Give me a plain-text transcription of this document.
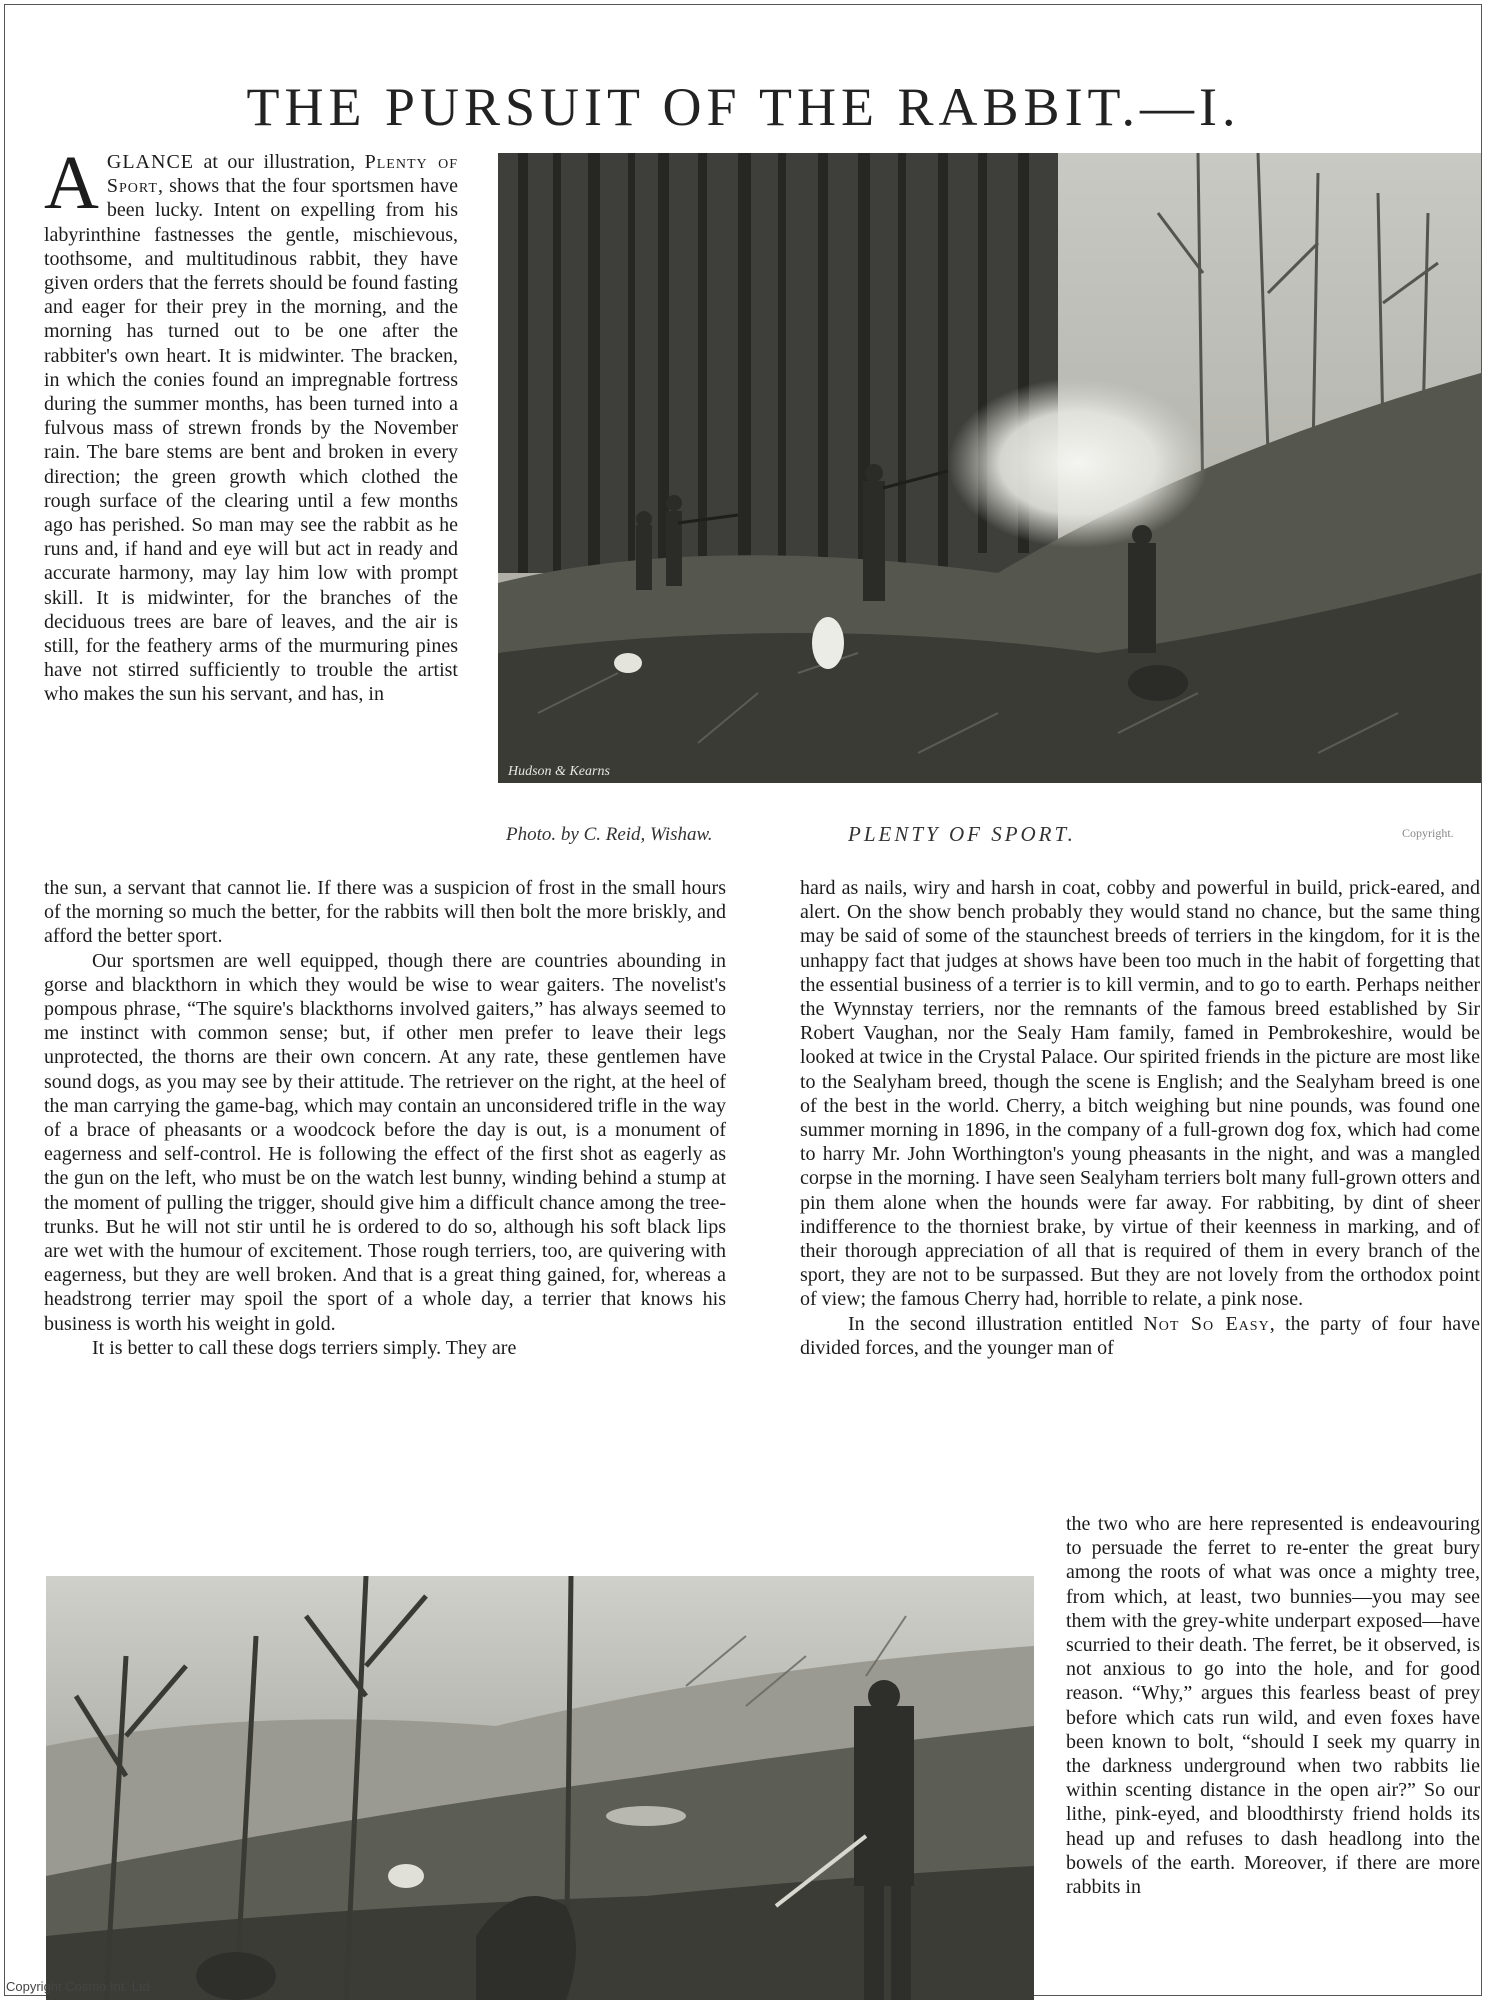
THE PURSUIT OF THE RABBIT.—I.

AGLANCE at our illustration, Plenty of Sport, shows that the four sportsmen have been lucky. Intent on expelling from his labyrinthine fastnesses the gentle, mischievous, toothsome, and multitudinous rabbit, they have given orders that the ferrets should be found fasting and eager for their prey in the morning, and the morning has turned out to be one after the rabbiter's own heart. It is midwinter. The bracken, in which the conies found an impregnable fortress during the summer months, has been turned into a fulvous mass of strewn fronds by the November rain. The bare stems are bent and broken in every direction; the green growth which clothed the rough surface of the clearing until a few months ago has perished. So man may see the rabbit as he runs and, if hand and eye will but act in ready and accurate harmony, may lay him low with prompt skill. It is midwinter, for the branches of the deciduous trees are bare of leaves, and the air is still, for the feathery arms of the murmuring pines have not stirred sufficiently to trouble the artist who makes the sun his servant, and has, in

Hudson & Kearns
Photo. by C. Reid, Wishaw.	PLENTY OF SPORT.	Copyright.

the sun, a servant that cannot lie. If there was a suspicion of frost in the small hours of the morning so much the better, for the rabbits will then bolt the more briskly, and afford the better sport.

Our sportsmen are well equipped, though there are countries abounding in gorse and blackthorn in which they would be wise to wear gaiters. The novelist's pompous phrase, “The squire's blackthorns involved gaiters,” has always seemed to me instinct with common sense; but, if other men prefer to leave their legs unprotected, the thorns are their own concern. At any rate, these gentlemen have sound dogs, as you may see by their attitude. The retriever on the right, at the heel of the man carrying the game-bag, which may contain an unconsidered trifle in the way of a brace of pheasants or a woodcock before the day is out, is a monument of eagerness and self-control. He is following the effect of the first shot as eagerly as the gun on the left, who must be on the watch lest bunny, winding behind a stump at the moment of pulling the trigger, should give him a difficult chance among the tree-trunks. But he will not stir until he is ordered to do so, although his soft black lips are wet with the humour of excitement. Those rough terriers, too, are quivering with eagerness, but they are well broken. And that is a great thing gained, for, whereas a headstrong terrier may spoil the sport of a whole day, a terrier that knows his business is worth his weight in gold.

It is better to call these dogs terriers simply. They are

hard as nails, wiry and harsh in coat, cobby and powerful in build, prick-eared, and alert. On the show bench probably they would stand no chance, but the same thing may be said of some of the staunchest breeds of terriers in the kingdom, for it is the unhappy fact that judges at shows have been too much in the habit of forgetting that the essential business of a terrier is to kill vermin, and to go to earth. Perhaps neither the Wynnstay terriers, nor the remnants of the famous breed established by Sir Robert Vaughan, nor the Sealy Ham family, famed in Pembrokeshire, would be looked at twice in the Crystal Palace. Our spirited friends in the picture are most like to the Sealyham breed, though the scene is English; and the Sealyham breed is one of the best in the world. Cherry, a bitch weighing but nine pounds, was found one summer morning in 1896, in the company of a full-grown dog fox, which had come to harry Mr. John Worthington's young pheasants in the night, and was a mangled corpse in the morning. I have seen Sealyham terriers bolt many full-grown otters and pin them alone when the hounds were far away. For rabbiting, by dint of sheer indifference to the thorniest brake, by virtue of their keenness in marking, and of their thorough appreciation of all that is required of them in every branch of the sport, they are not to be surpassed. But they are not lovely from the orthodox point of view; the famous Cherry had, horrible to relate, a pink nose.

In the second illustration entitled Not So Easy, the party of four have divided forces, and the younger man of

the two who are here represented is endeavouring to persuade the ferret to re-enter the great bury among the roots of what was once a mighty tree, from which, at least, two bunnies—you may see them with the grey-white underpart exposed—have scurried to their death. The ferret, be it observed, is not anxious to go into the hole, and for good reason. “Why,” argues this fearless beast of prey before which cats run wild, and even foxes have been known to bolt, “should I seek my quarry in the darkness underground when two rabbits lie within scenting distance in the open air?” So our lithe, pink-eyed, and bloodthirsty friend holds its head up and refuses to dash headlong into the bowels of the earth. Moreover, if there are more rabbits in

Copyright Cosmo Int. Ltd
